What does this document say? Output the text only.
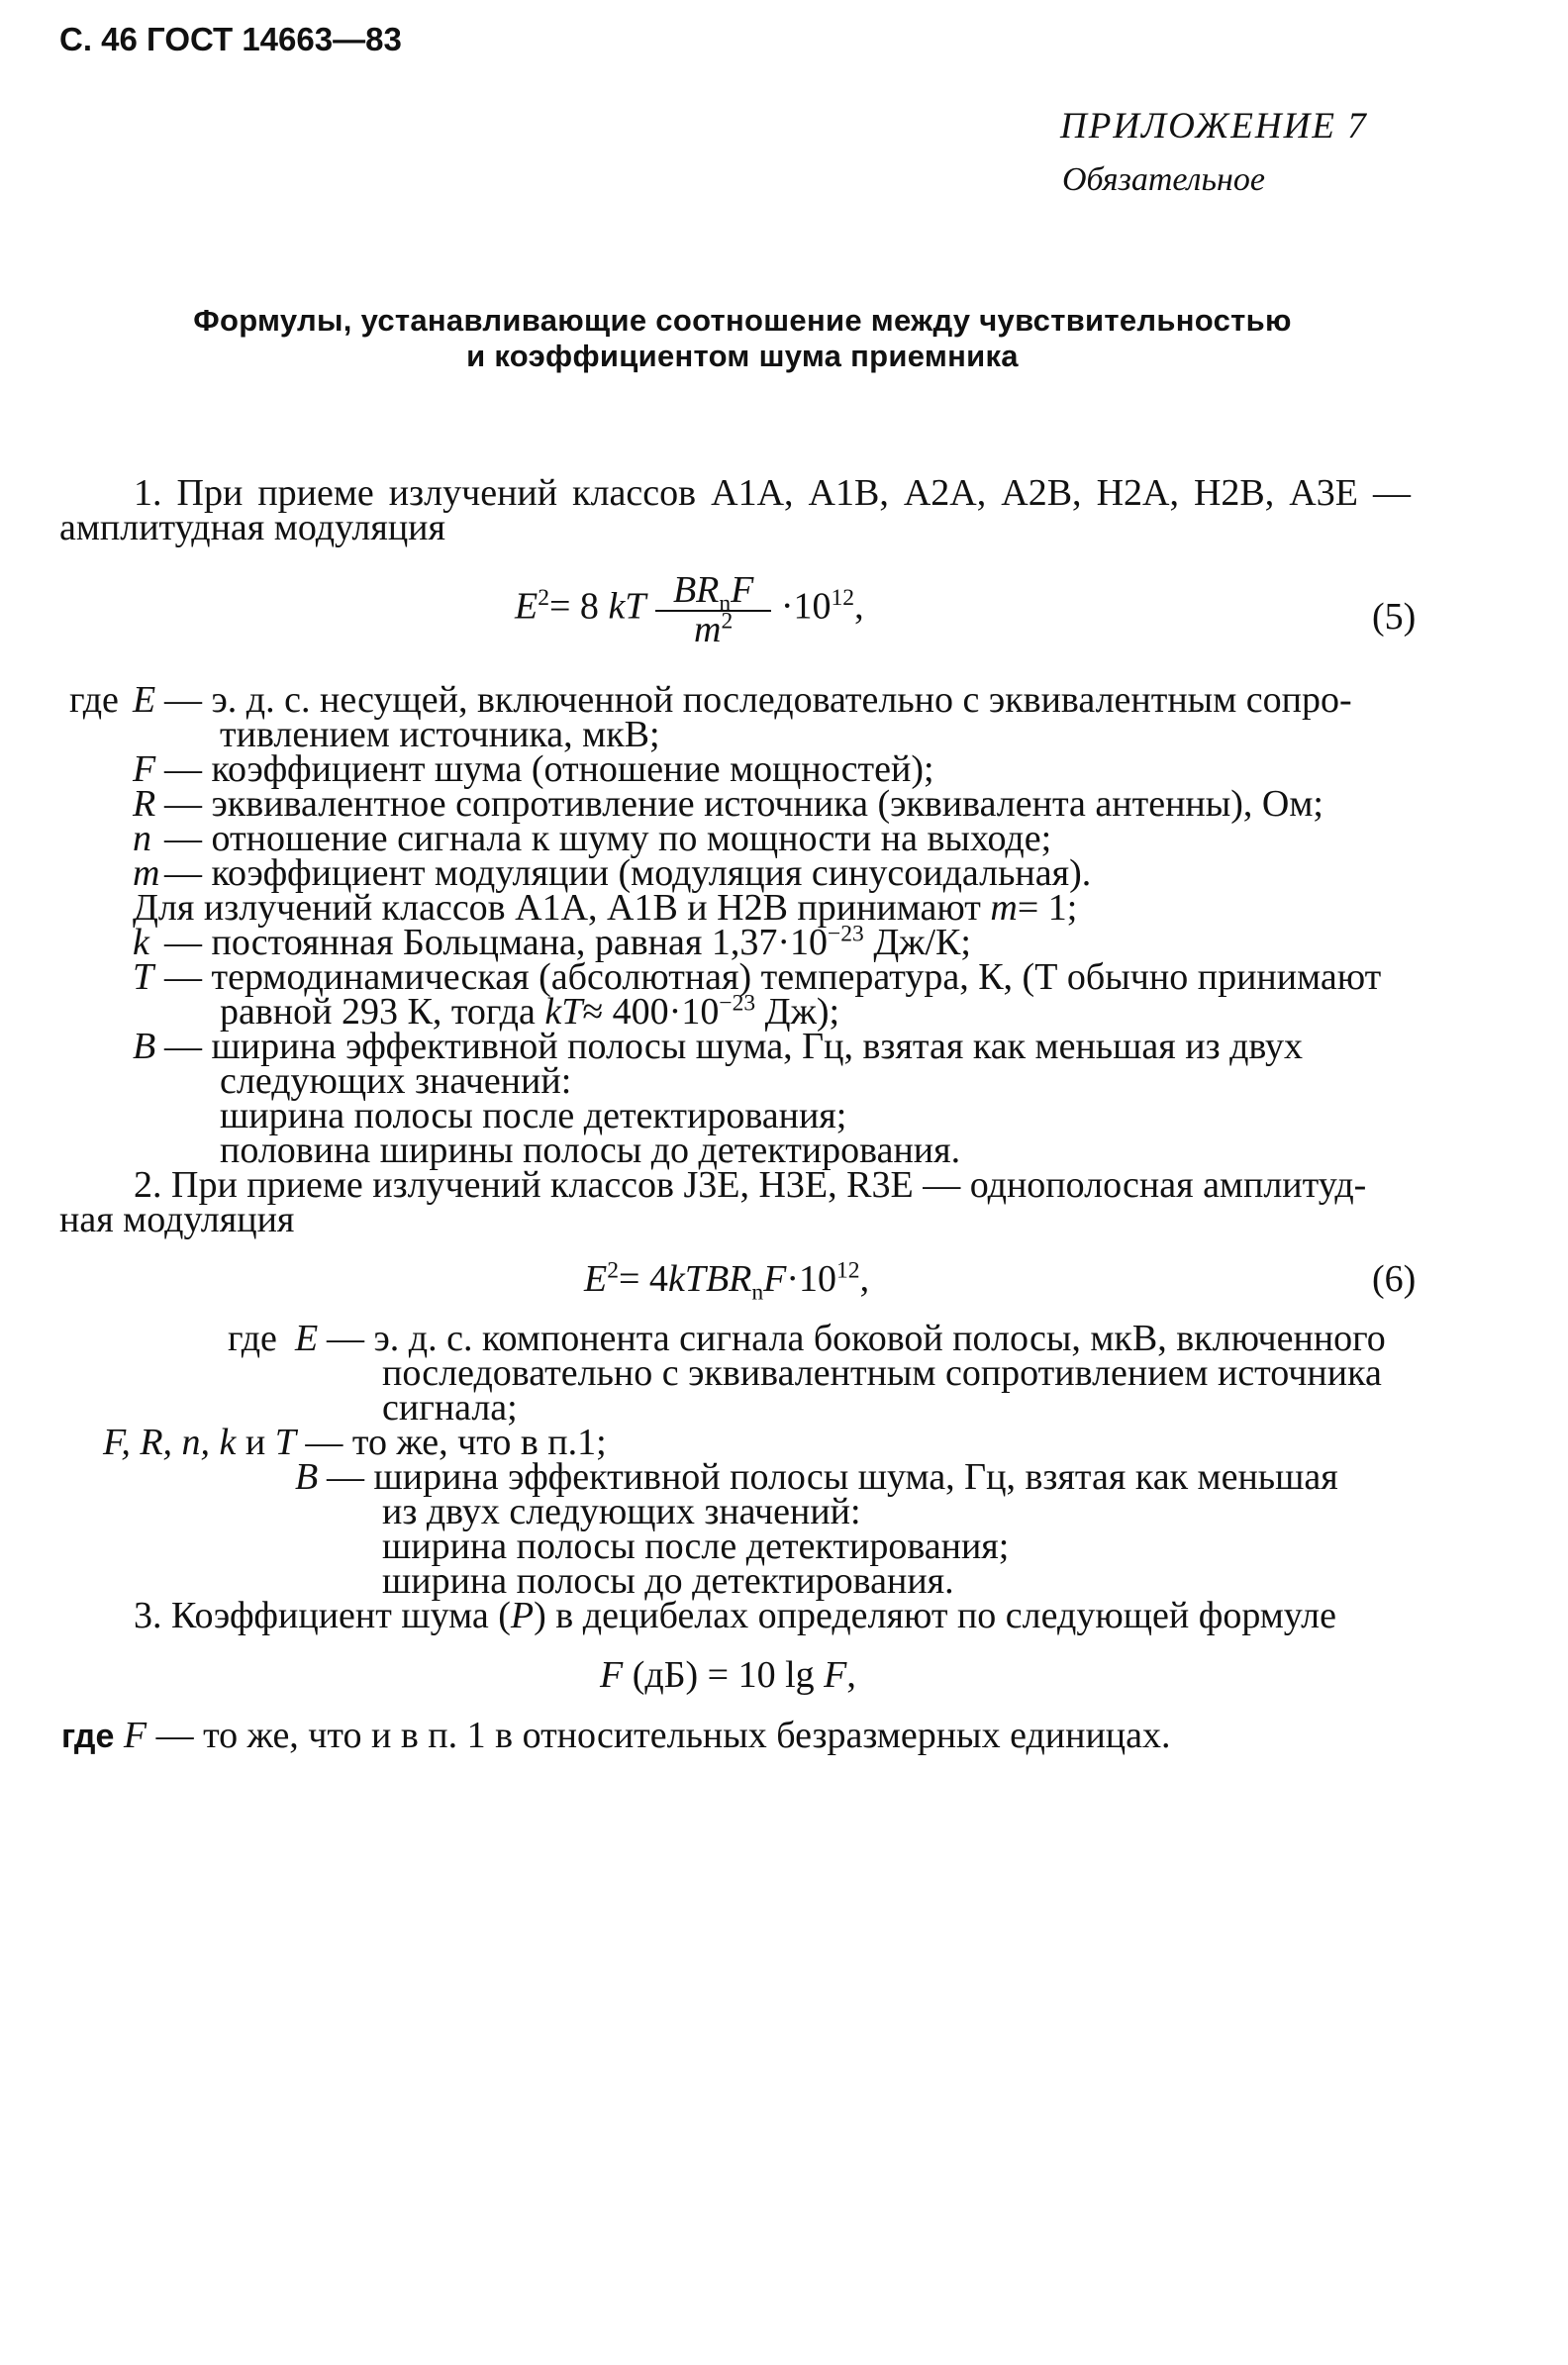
С. 46 ГОСТ 14663—83
ПРИЛОЖЕНИЕ 7
Обязательное
Формулы, устанавливающие соотношение между чувствительностью
и коэффициентом шума приемника
1. При приеме излучений классов А1А, А1В, А2А, А2В, Н2А, Н2В, А3Е —
амплитудная модуляция
$E^2= 8$ kT $\frac{BR_nF}{m^2} \cdot 10^{12}$,	(5)
где E — э. д. с. несущей, включенной последовательно с эквивалентным сопро-
тивлением источника, мкВ;
F — коэффициент шума (отношение мощностей);
R — эквивалентное сопротивление источника (эквивалента антенны), Ом;
n — отношение сигнала к шуму по мощности на выходе;
m — коэффициент модуляции (модуляция синусоидальная).
Для излучений классов А1А, А1В и Н2В принимают m= 1;
k — постоянная Больцмана, равная $1,37\cdot 10^{-23}$ Дж/К;
T — термодинамическая (абсолютная) температура, К, (Т обычно принимают
равной 293 К, тогда $kT\approx 400\cdot 10^{-23}$ Дж);
B — ширина эффективной полосы шума, Гц, взятая как меньшая из двух
следующих значений:
ширина полосы после детектирования;
половина ширины полосы до детектирования.
2. При приеме излучений классов J3E, Н3Е, R3E — однополосная амплитуд-
ная модуляция
$E^2=$ $4kTBR_nF\cdot 10^{12}$,	(6)
где E — э. д. с. компонента сигнала боковой полосы, мкВ, включенного
последовательно с эквивалентным сопротивлением источника
сигнала;
F, R, n, k и T — то же, что в п.1;
B — ширина эффективной полосы шума, Гц, взятая как меньшая
из двух следующих значений:
ширина полосы после детектирования;
ширина полосы до детектирования.
3. Коэффициент шума (P) в децибелах определяют по следующей формуле
F (дБ) = 10 lg F,
где F — то же, что и в п. 1 в относительных безразмерных единицах.
